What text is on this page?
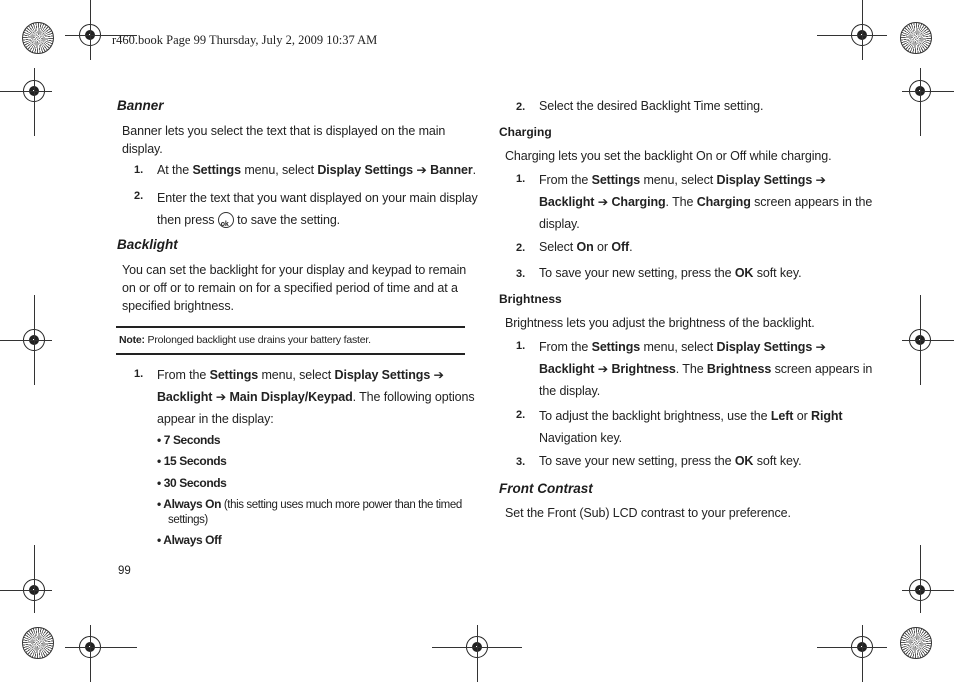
r460.book Page 99 Thursday, July 2, 2009 10:37 AM
Banner
Banner lets you select the text that is displayed on the main
display.
1. At the Settings menu, select Display Settings ➔ Banner.
2. Enter the text that you want displayed on your main display
then press ok to save the setting.
Backlight
You can set the backlight for your display and keypad to remain
on or off or to remain on for a specified period of time and at a
specified brightness.
Note: Prolonged backlight use drains your battery faster.
1. From the Settings menu, select Display Settings ➔
Backlight ➔ Main Display/Keypad. The following options
appear in the display:
• 7 Seconds
• 15 Seconds
• 30 Seconds
• Always On (this setting uses much more power than the timed
settings)
• Always Off
99
2. Select the desired Backlight Time setting.
Charging
Charging lets you set the backlight On or Off while charging.
1. From the Settings menu, select Display Settings ➔
Backlight ➔ Charging. The Charging screen appears in the
display.
2. Select On or Off.
3. To save your new setting, press the OK soft key.
Brightness
Brightness lets you adjust the brightness of the backlight.
1. From the Settings menu, select Display Settings ➔
Backlight ➔ Brightness. The Brightness screen appears in
the display.
2. To adjust the backlight brightness, use the Left or Right
Navigation key.
3. To save your new setting, press the OK soft key.
Front Contrast
Set the Front (Sub) LCD contrast to your preference.
